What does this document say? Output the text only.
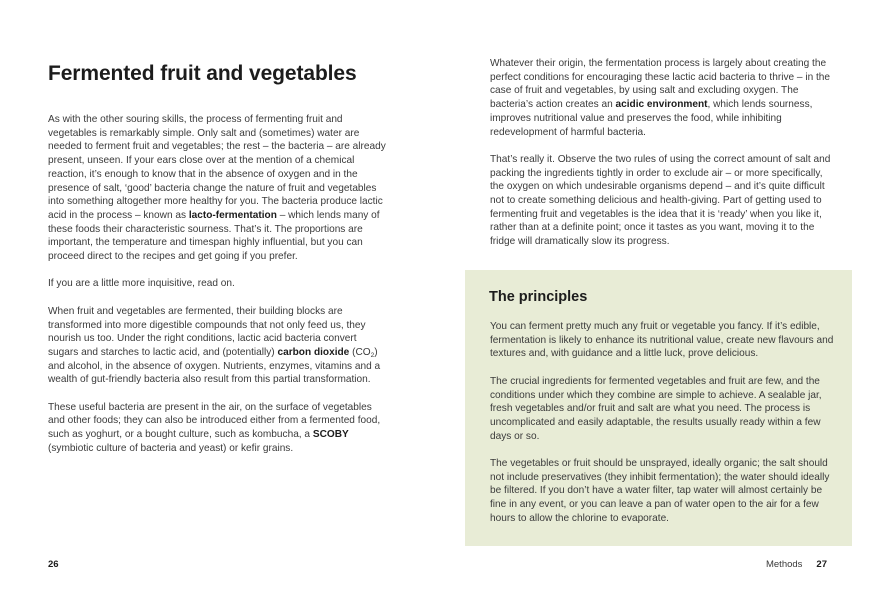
Fermented fruit and vegetables

As with the other souring skills, the process of fermenting fruit and vegetables is remarkably simple. Only salt and (sometimes) water are needed to ferment fruit and vegetables; the rest – the bacteria – are already present, unseen. If your ears close over at the mention of a chemical reaction, it’s enough to know that in the absence of oxygen and in the presence of salt, ‘good’ bacteria change the nature of fruit and vegetables into something altogether more healthy for you. The bacteria produce lactic acid in the process – known as lacto-fermentation – which lends many of these foods their characteristic sourness. That’s it. The proportions are important, the temperature and timespan highly influential, but you can proceed direct to the recipes and get going if you prefer.

If you are a little more inquisitive, read on.

When fruit and vegetables are fermented, their building blocks are transformed into more digestible compounds that not only feed us, they nourish us too. Under the right conditions, lactic acid bacteria convert sugars and starches to lactic acid, and (potentially) carbon dioxide $(CO_2)$ and alcohol, in the absence of oxygen. Nutrients, enzymes, vitamins and a wealth of gut-friendly bacteria also result from this partial transformation.

These useful bacteria are present in the air, on the surface of vegetables and other foods; they can also be introduced either from a fermented food, such as yoghurt, or a bought culture, such as kombucha, a SCOBY (symbiotic culture of bacteria and yeast) or kefir grains.

26

Whatever their origin, the fermentation process is largely about creating the perfect conditions for encouraging these lactic acid bacteria to thrive – in the case of fruit and vegetables, by using salt and excluding oxygen. The bacteria’s action creates an acidic environment, which lends sourness, improves nutritional value and preserves the food, while inhibiting redevelopment of harmful bacteria.

That’s really it. Observe the two rules of using the correct amount of salt and packing the ingredients tightly in order to exclude air – or more specifically, the oxygen on which undesirable organisms depend – and it’s quite difficult not to create something delicious and health-giving. Part of getting used to fermenting fruit and vegetables is the idea that it is ‘ready’ when you like it, rather than at a definite point; once it tastes as you want, moving it to the fridge will dramatically slow its progress.

The principles

You can ferment pretty much any fruit or vegetable you fancy. If it’s edible, fermentation is likely to enhance its nutritional value, create new flavours and textures and, with guidance and a little luck, prove delicious.

The crucial ingredients for fermented vegetables and fruit are few, and the conditions under which they combine are simple to achieve. A sealable jar, fresh vegetables and/or fruit and salt are what you need. The process is uncomplicated and easily adaptable, the results usually ready within a few days or so.

The vegetables or fruit should be unsprayed, ideally organic; the salt should not include preservatives (they inhibit fermentation); the water should ideally be filtered. If you don’t have a water filter, tap water will almost certainly be fine in any event, or you can leave a pan of water open to the air for a few hours to allow the chlorine to evaporate.

Methods 27
